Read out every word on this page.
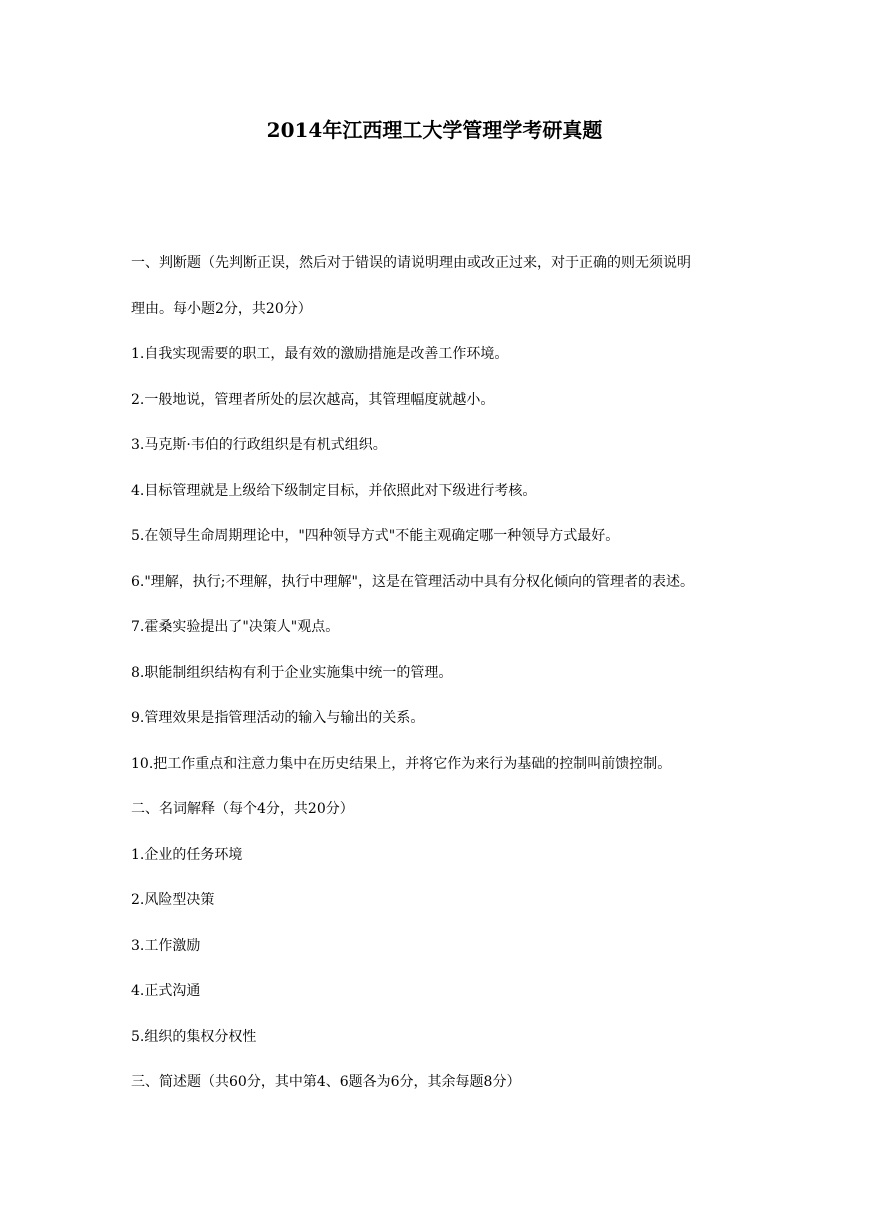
2014年江西理工大学管理学考研真题
一、判断题（先判断正误，然后对于错误的请说明理由或改正过来，对于正确的则无须说明
理由。每小题2分，共20分）
1.自我实现需要的职工，最有效的激励措施是改善工作环境。
2.一般地说，管理者所处的层次越高，其管理幅度就越小。
3.马克斯·韦伯的行政组织是有机式组织。
4.目标管理就是上级给下级制定目标，并依照此对下级进行考核。
5.在领导生命周期理论中，"四种领导方式"不能主观确定哪一种领导方式最好。
6."理解，执行;不理解，执行中理解"，这是在管理活动中具有分权化倾向的管理者的表述。
7.霍桑实验提出了"决策人"观点。
8.职能制组织结构有利于企业实施集中统一的管理。
9.管理效果是指管理活动的输入与输出的关系。
10.把工作重点和注意力集中在历史结果上，并将它作为来行为基础的控制叫前馈控制。
二、名词解释（每个4分，共20分）
1.企业的任务环境
2.风险型决策
3.工作激励
4.正式沟通
5.组织的集权分权性
三、简述题（共60分，其中第4、6题各为6分，其余每题8分）
